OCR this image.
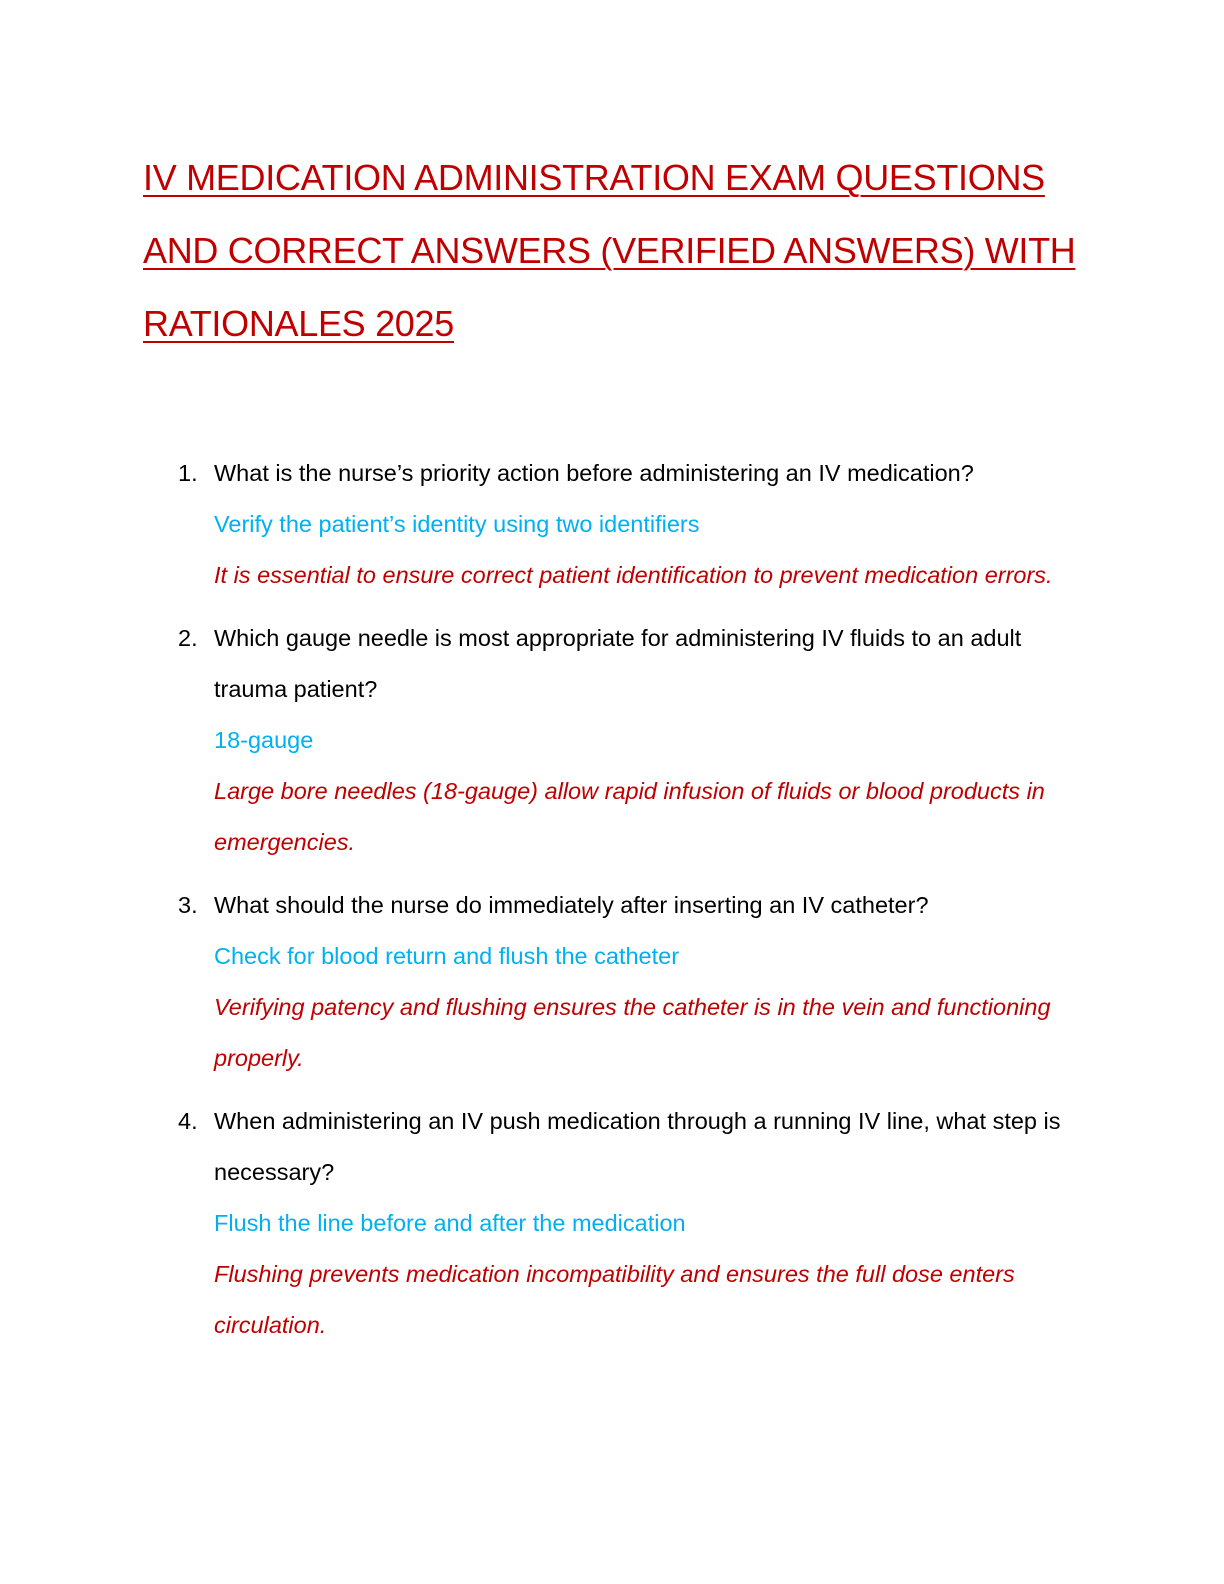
IV MEDICATION ADMINISTRATION EXAM QUESTIONS
AND CORRECT ANSWERS (VERIFIED ANSWERS) WITH
RATIONALES 2025
1. What is the nurse’s priority action before administering an IV medication?
Verify the patient’s identity using two identifiers
It is essential to ensure correct patient identification to prevent medication errors.
2. Which gauge needle is most appropriate for administering IV fluids to an adult trauma patient?
18-gauge
Large bore needles (18-gauge) allow rapid infusion of fluids or blood products in emergencies.
3. What should the nurse do immediately after inserting an IV catheter?
Check for blood return and flush the catheter
Verifying patency and flushing ensures the catheter is in the vein and functioning properly.
4. When administering an IV push medication through a running IV line, what step is necessary?
Flush the line before and after the medication
Flushing prevents medication incompatibility and ensures the full dose enters circulation.
